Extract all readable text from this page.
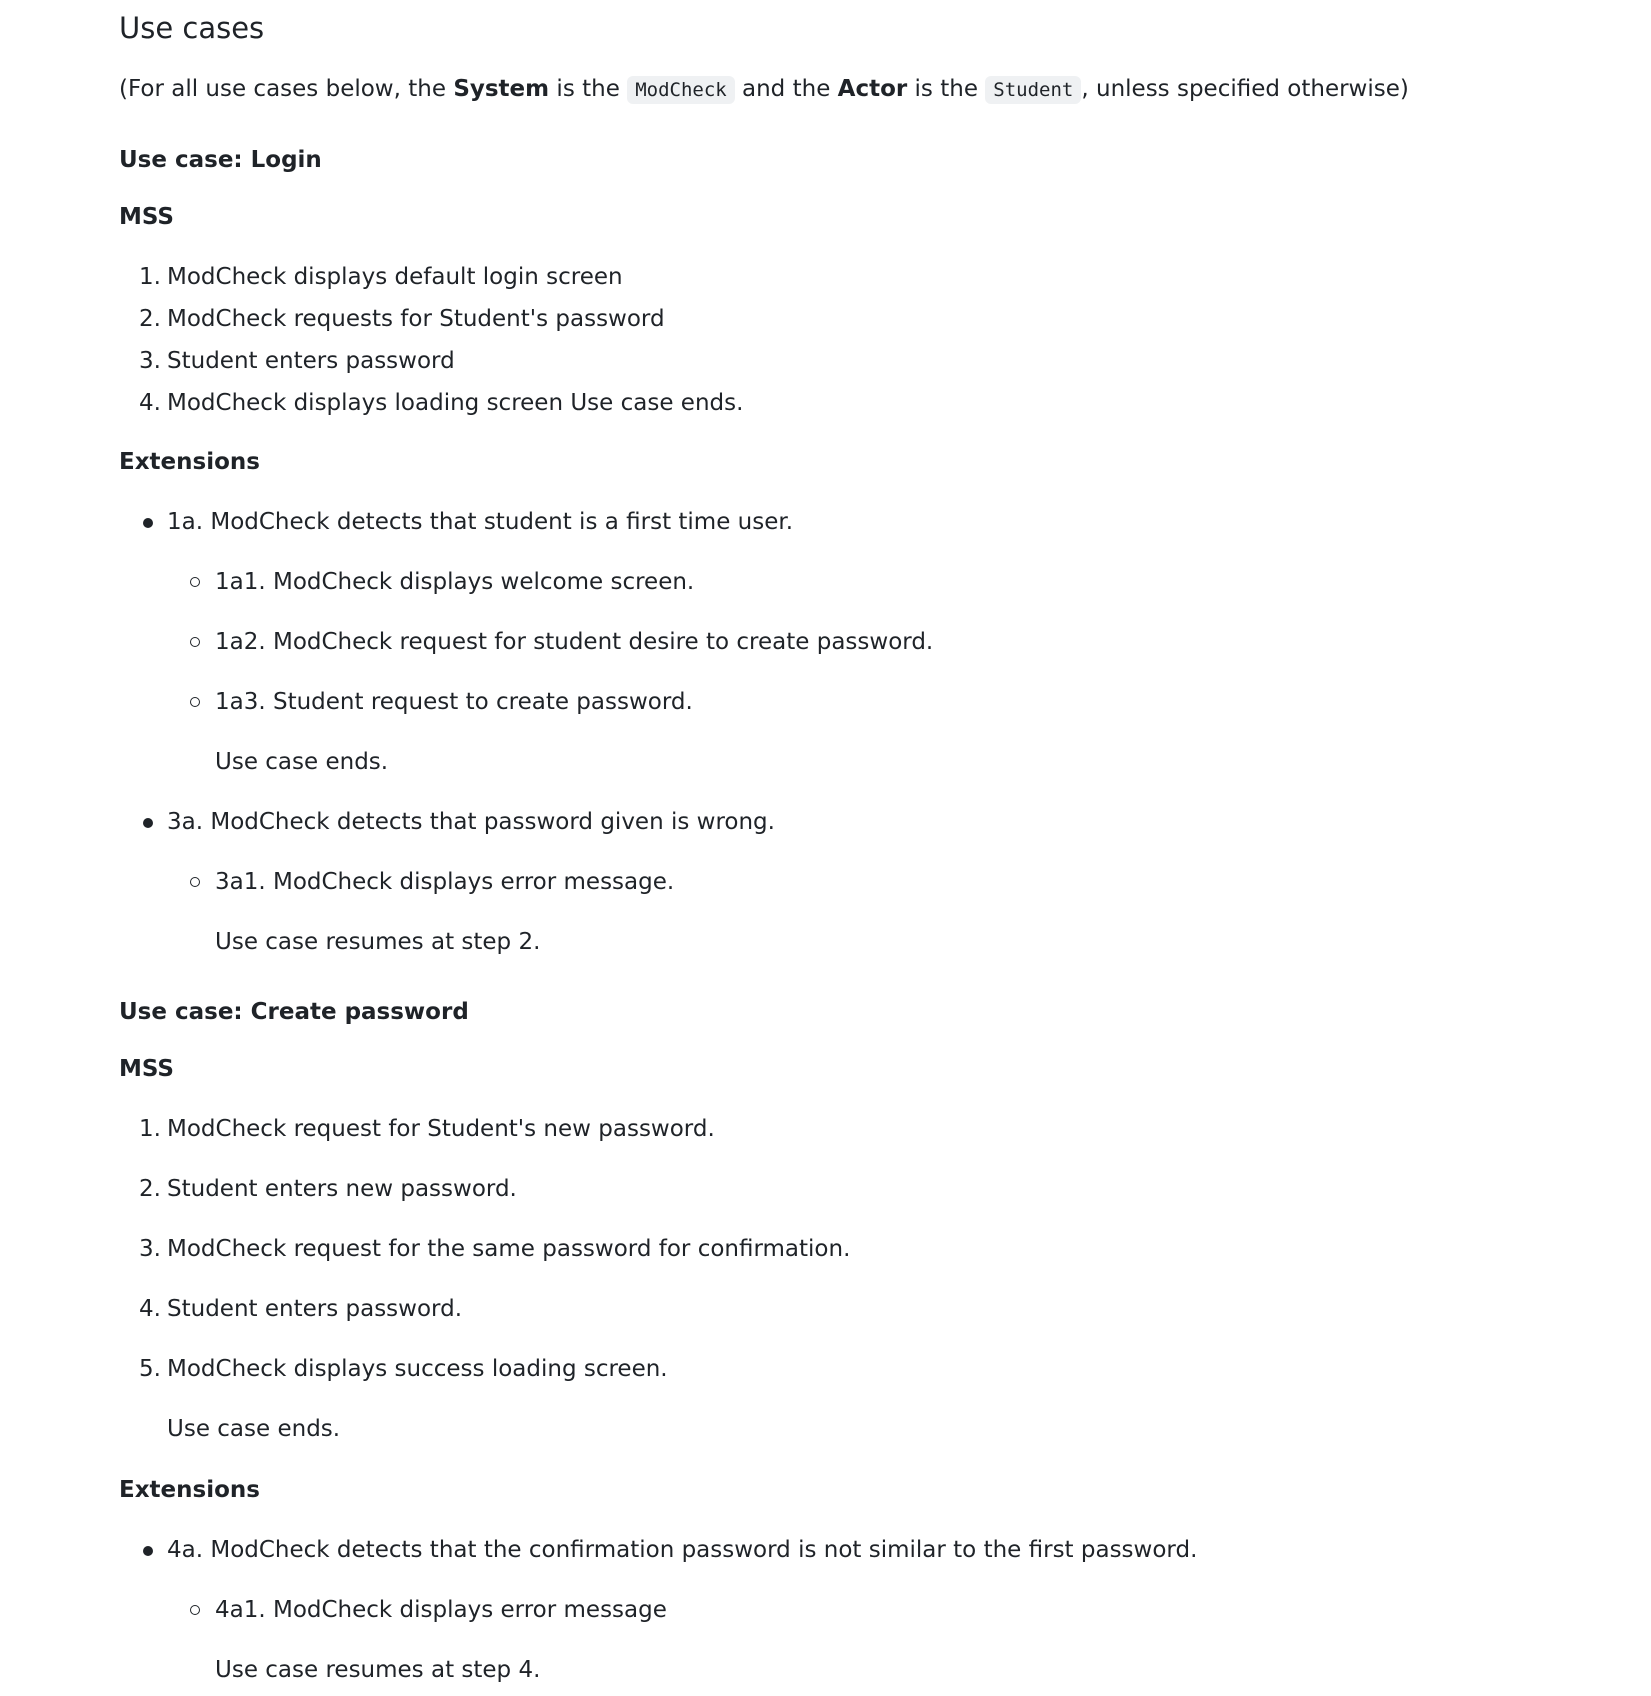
Use cases
(For all use cases below, the System is the ModCheck and the Actor is the Student , unless specified otherwise)
Use case: Login
MSS
1. ModCheck displays default login screen
2. ModCheck requests for Student's password
3. Student enters password
4. ModCheck displays loading screen Use case ends.
Extensions
1a. ModCheck detects that student is a first time user.
1a1. ModCheck displays welcome screen.
1a2. ModCheck request for student desire to create password.
1a3. Student request to create password.
Use case ends.
3a. ModCheck detects that password given is wrong.
3a1. ModCheck displays error message.
Use case resumes at step 2.
Use case: Create password
MSS
1. ModCheck request for Student's new password.
2. Student enters new password.
3. ModCheck request for the same password for confirmation.
4. Student enters password.
5. ModCheck displays success loading screen.
Use case ends.
Extensions
4a. ModCheck detects that the confirmation password is not similar to the first password.
4a1. ModCheck displays error message
Use case resumes at step 4.
